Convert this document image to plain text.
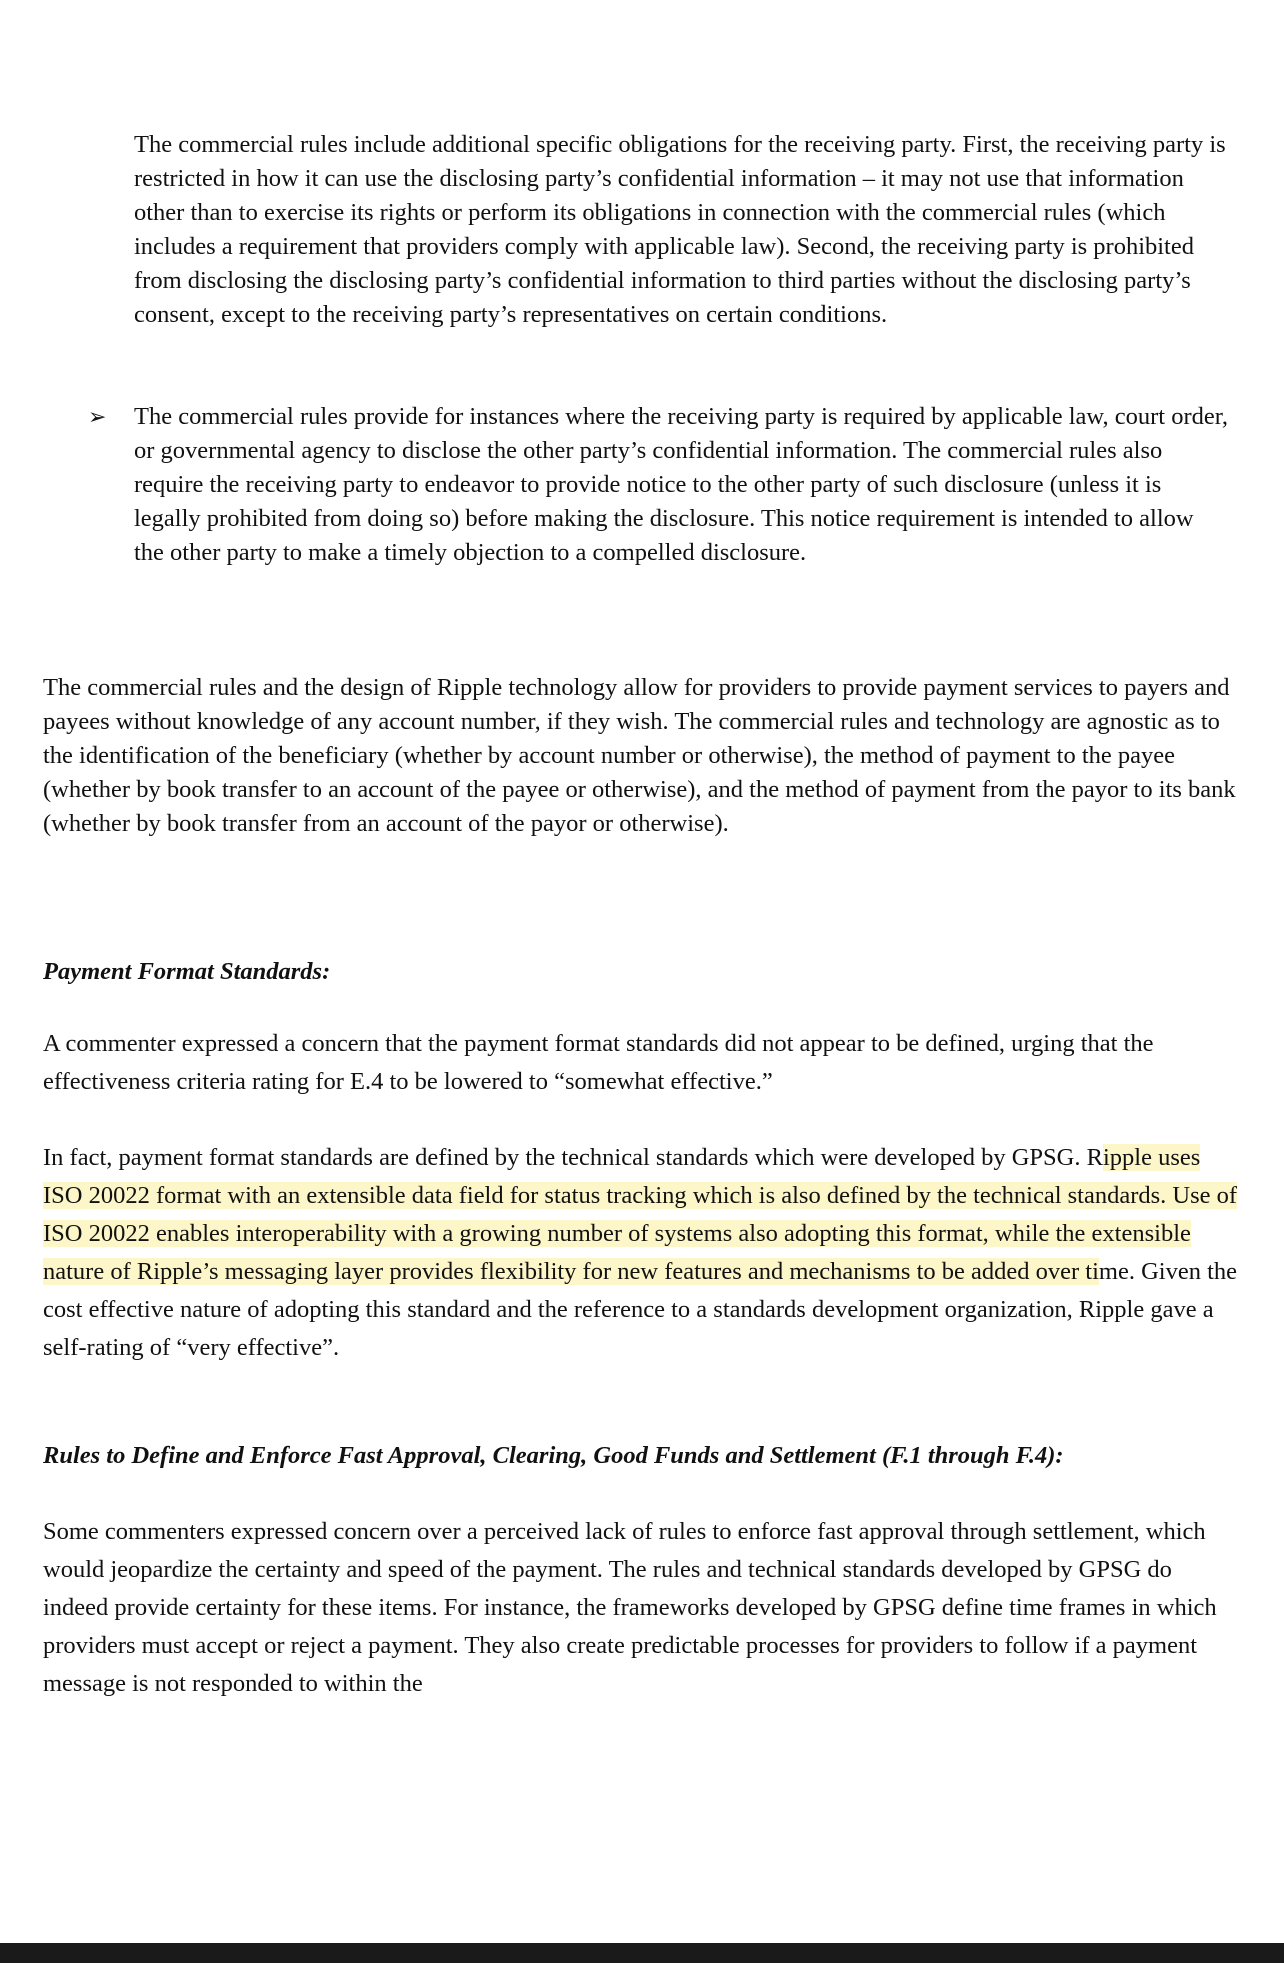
The commercial rules include additional specific obligations for the receiving party. First, the receiving party is restricted in how it can use the disclosing party’s confidential information – it may not use that information other than to exercise its rights or perform its obligations in connection with the commercial rules (which includes a requirement that providers comply with applicable law). Second, the receiving party is prohibited from disclosing the disclosing party’s confidential information to third parties without the disclosing party’s consent, except to the receiving party’s representatives on certain conditions.

➢ The commercial rules provide for instances where the receiving party is required by applicable law, court order, or governmental agency to disclose the other party’s confidential information. The commercial rules also require the receiving party to endeavor to provide notice to the other party of such disclosure (unless it is legally prohibited from doing so) before making the disclosure. This notice requirement is intended to allow the other party to make a timely objection to a compelled disclosure.

The commercial rules and the design of Ripple technology allow for providers to provide payment services to payers and payees without knowledge of any account number, if they wish. The commercial rules and technology are agnostic as to the identification of the beneficiary (whether by account number or otherwise), the method of payment to the payee (whether by book transfer to an account of the payee or otherwise), and the method of payment from the payor to its bank (whether by book transfer from an account of the payor or otherwise).

Payment Format Standards:

A commenter expressed a concern that the payment format standards did not appear to be defined, urging that the effectiveness criteria rating for E.4 to be lowered to “somewhat effective.”

In fact, payment format standards are defined by the technical standards which were developed by GPSG. Ripple uses ISO 20022 format with an extensible data field for status tracking which is also defined by the technical standards. Use of ISO 20022 enables interoperability with a growing number of systems also adopting this format, while the extensible nature of Ripple’s messaging layer provides flexibility for new features and mechanisms to be added over time. Given the cost effective nature of adopting this standard and the reference to a standards development organization, Ripple gave a self-rating of “very effective”.

Rules to Define and Enforce Fast Approval, Clearing, Good Funds and Settlement (F.1 through F.4):

Some commenters expressed concern over a perceived lack of rules to enforce fast approval through settlement, which would jeopardize the certainty and speed of the payment. The rules and technical standards developed by GPSG do indeed provide certainty for these items. For instance, the frameworks developed by GPSG define time frames in which providers must accept or reject a payment. They also create predictable processes for providers to follow if a payment message is not responded to within the
